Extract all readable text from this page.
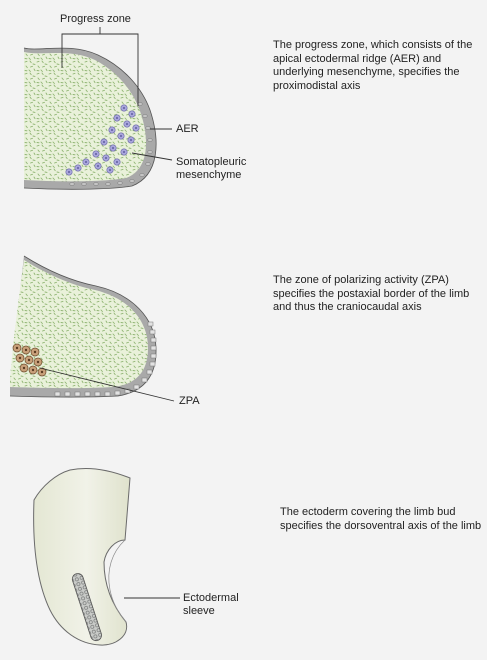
Progress zone
AER
Somatopleuric mesenchyme
ZPA
Ectodermal sleeve
The progress zone, which consists of the apical ectodermal ridge (AER) and underlying mesenchyme, specifies the proximodistal axis
The zone of polarizing activity (ZPA) specifies the postaxial border of the limb and thus the craniocaudal axis
The ectoderm covering the limb bud specifies the dorsoventral axis of the limb
